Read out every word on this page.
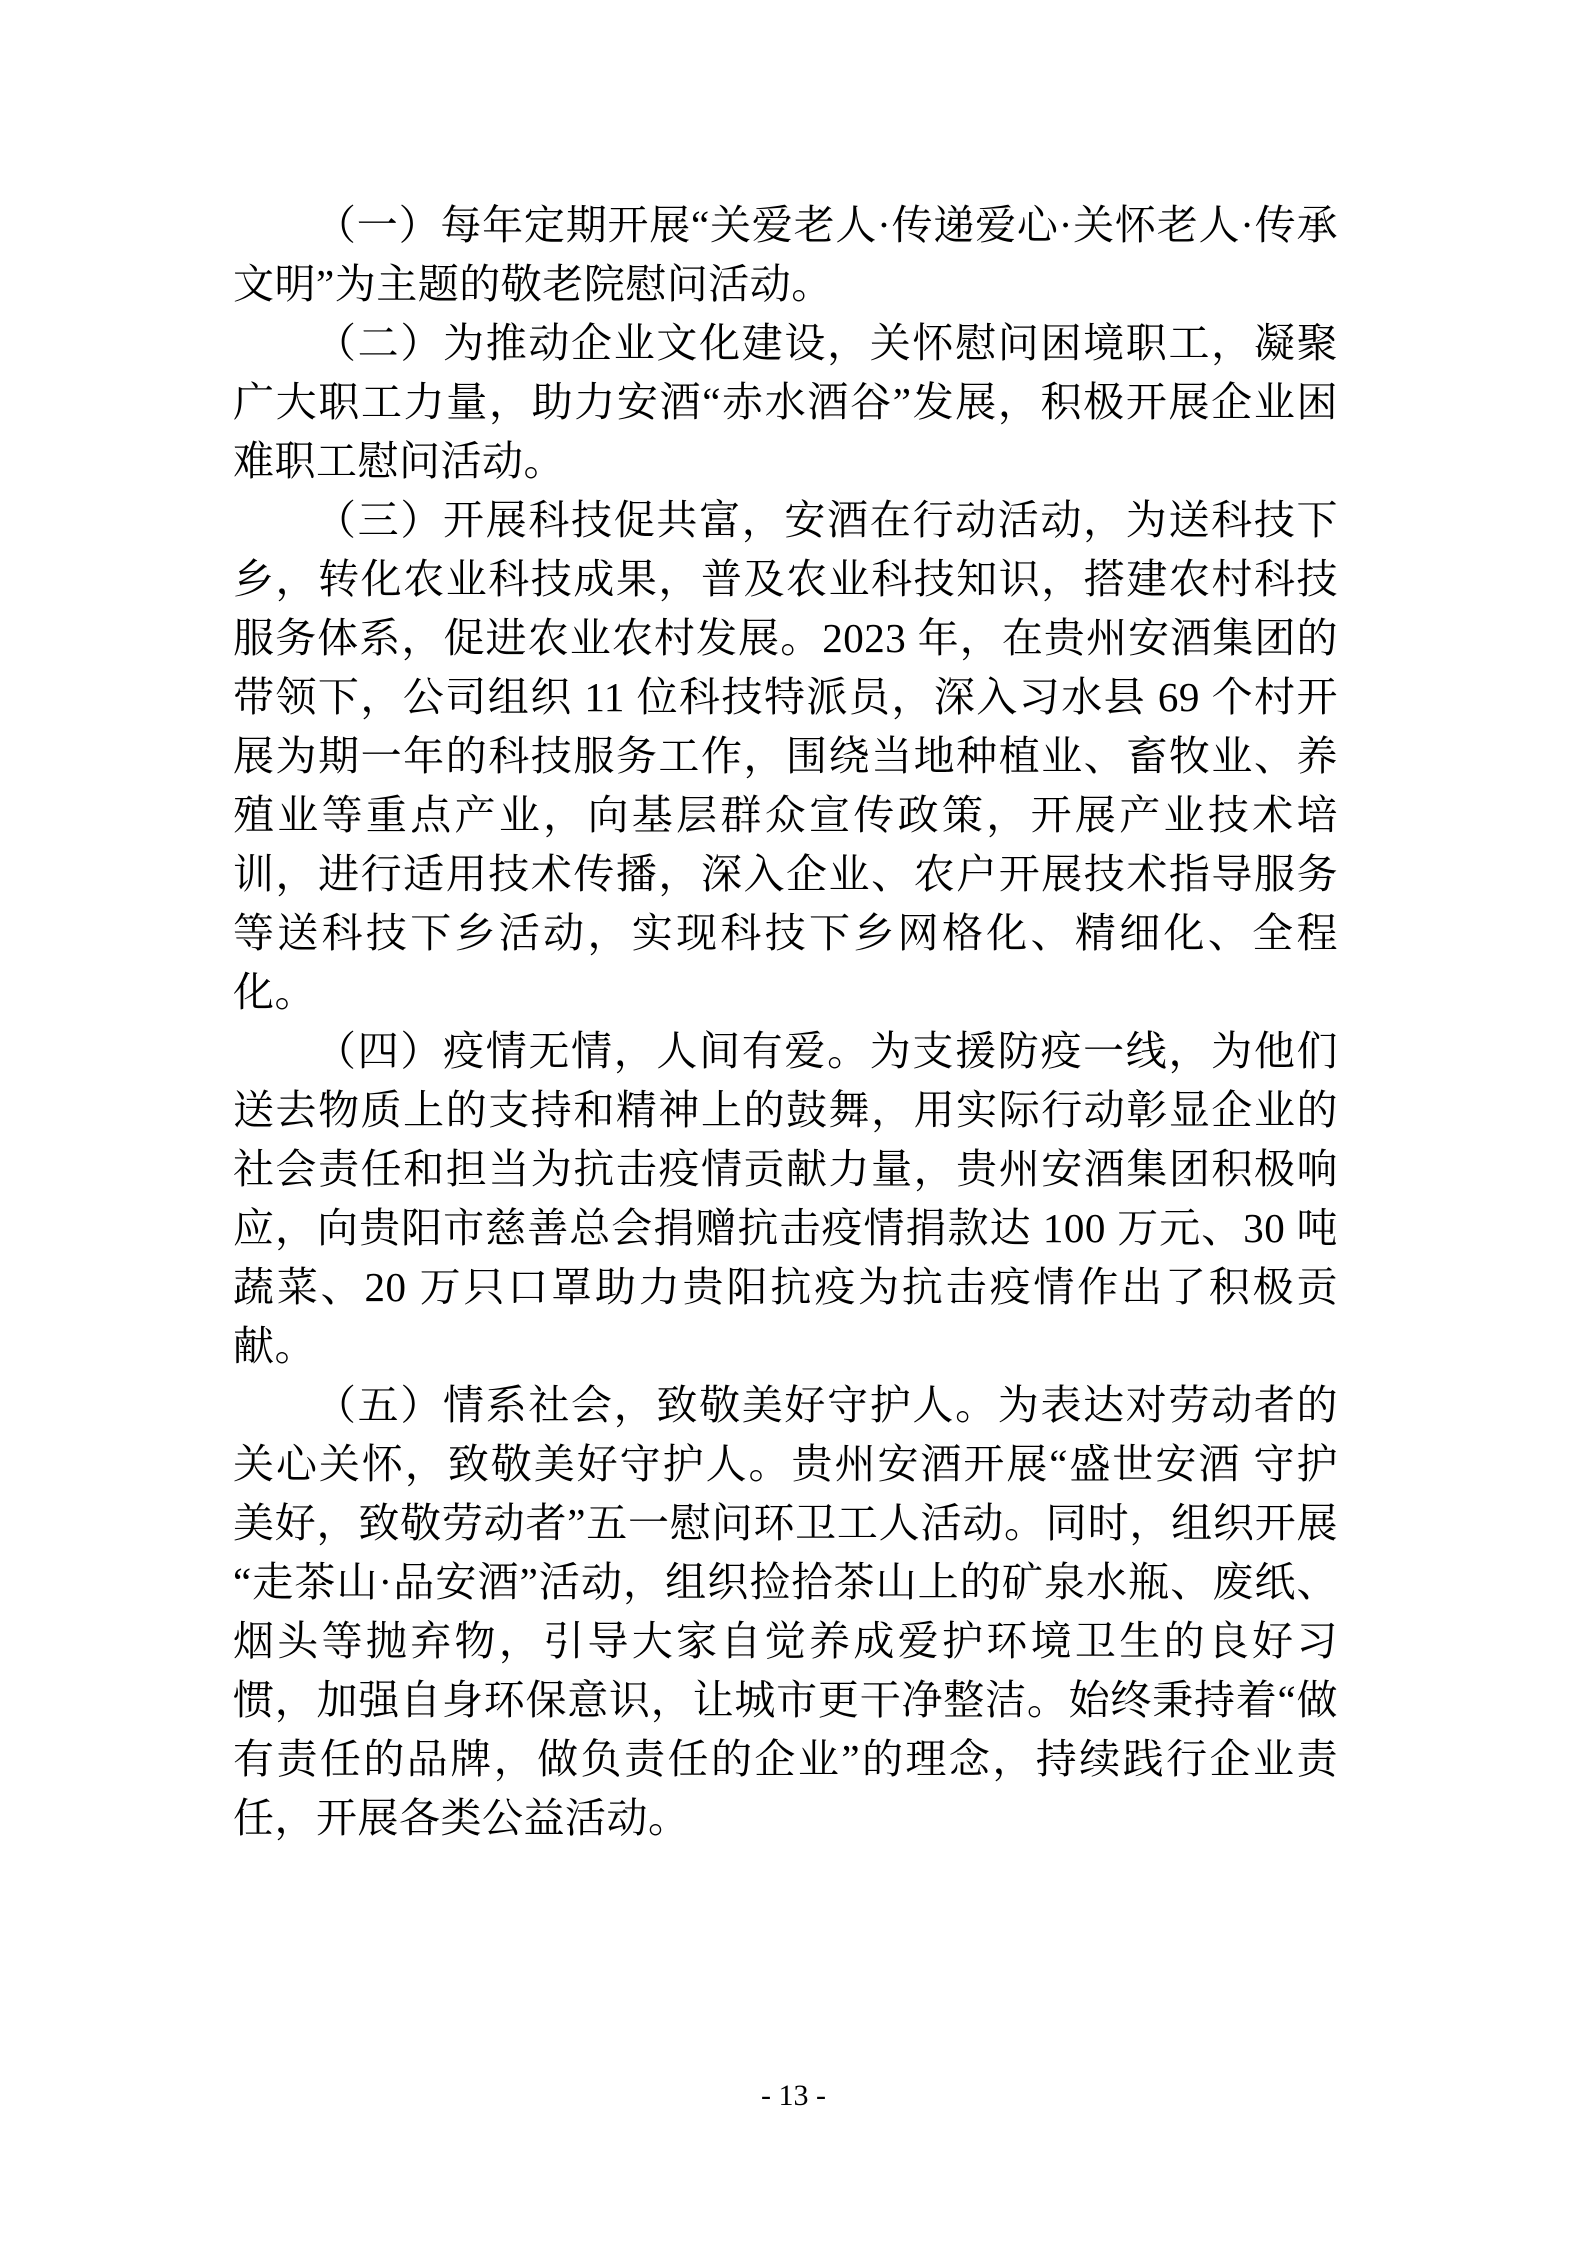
（一）每年定期开展“关爱老人·传递爱心·关怀老人·传承文明”为主题的敬老院慰问活动。

（二）为推动企业文化建设，关怀慰问困境职工，凝聚广大职工力量，助力安酒“赤水酒谷”发展，积极开展企业困难职工慰问活动。

（三）开展科技促共富，安酒在行动活动，为送科技下乡，转化农业科技成果，普及农业科技知识，搭建农村科技服务体系，促进农业农村发展。2023 年，在贵州安酒集团的带领下，公司组织 11 位科技特派员，深入习水县 69 个村开展为期一年的科技服务工作，围绕当地种植业、畜牧业、养殖业等重点产业，向基层群众宣传政策，开展产业技术培训，进行适用技术传播，深入企业、农户开展技术指导服务等送科技下乡活动，实现科技下乡网格化、精细化、全程化。

（四）疫情无情，人间有爱。为支援防疫一线，为他们送去物质上的支持和精神上的鼓舞，用实际行动彰显企业的社会责任和担当为抗击疫情贡献力量，贵州安酒集团积极响应，向贵阳市慈善总会捐赠抗击疫情捐款达 100 万元、30 吨蔬菜、20 万只口罩助力贵阳抗疫为抗击疫情作出了积极贡献。

（五）情系社会，致敬美好守护人。为表达对劳动者的关心关怀，致敬美好守护人。贵州安酒开展“盛世安酒 守护美好，致敬劳动者”五一慰问环卫工人活动。同时，组织开展“走茶山·品安酒”活动，组织捡拾茶山上的矿泉水瓶、废纸、烟头等抛弃物，引导大家自觉养成爱护环境卫生的良好习惯，加强自身环保意识，让城市更干净整洁。始终秉持着“做有责任的品牌，做负责任的企业”的理念，持续践行企业责任，开展各类公益活动。

- 13 -
